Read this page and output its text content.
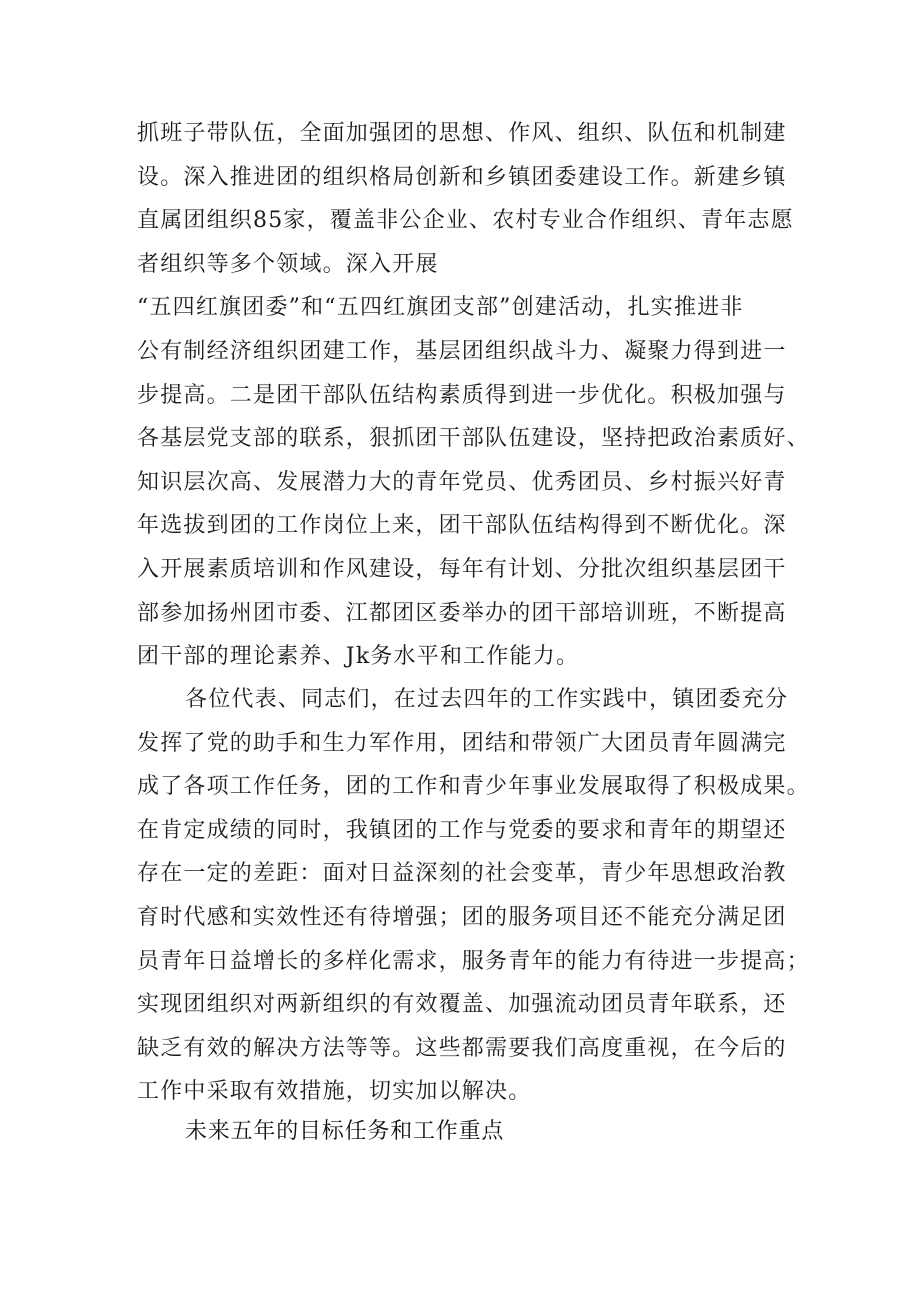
抓班子带队伍，全面加强团的思想、作风、组织、队伍和机制建
设。深入推进团的组织格局创新和乡镇团委建设工作。新建乡镇
直属团组织85家，覆盖非公企业、农村专业合作组织、青年志愿
者组织等多个领域。深入开展
“五四红旗团委”和“五四红旗团支部”创建活动，扎实推进非
公有制经济组织团建工作，基层团组织战斗力、凝聚力得到进一
步提高。二是团干部队伍结构素质得到进一步优化。积极加强与
各基层党支部的联系，狠抓团干部队伍建设，坚持把政治素质好、
知识层次高、发展潜力大的青年党员、优秀团员、乡村振兴好青
年选拔到团的工作岗位上来，团干部队伍结构得到不断优化。深
入开展素质培训和作风建设，每年有计划、分批次组织基层团干
部参加扬州团市委、江都团区委举办的团干部培训班，不断提高
团干部的理论素养、Jk务水平和工作能力。
各位代表、同志们，在过去四年的工作实践中，镇团委充分
发挥了党的助手和生力军作用，团结和带领广大团员青年圆满完
成了各项工作任务，团的工作和青少年事业发展取得了积极成果。
在肯定成绩的同时，我镇团的工作与党委的要求和青年的期望还
存在一定的差距：面对日益深刻的社会变革，青少年思想政治教
育时代感和实效性还有待增强；团的服务项目还不能充分满足团
员青年日益增长的多样化需求，服务青年的能力有待进一步提高；
实现团组织对两新组织的有效覆盖、加强流动团员青年联系，还
缺乏有效的解决方法等等。这些都需要我们高度重视，在今后的
工作中采取有效措施，切实加以解决。
未来五年的目标任务和工作重点
